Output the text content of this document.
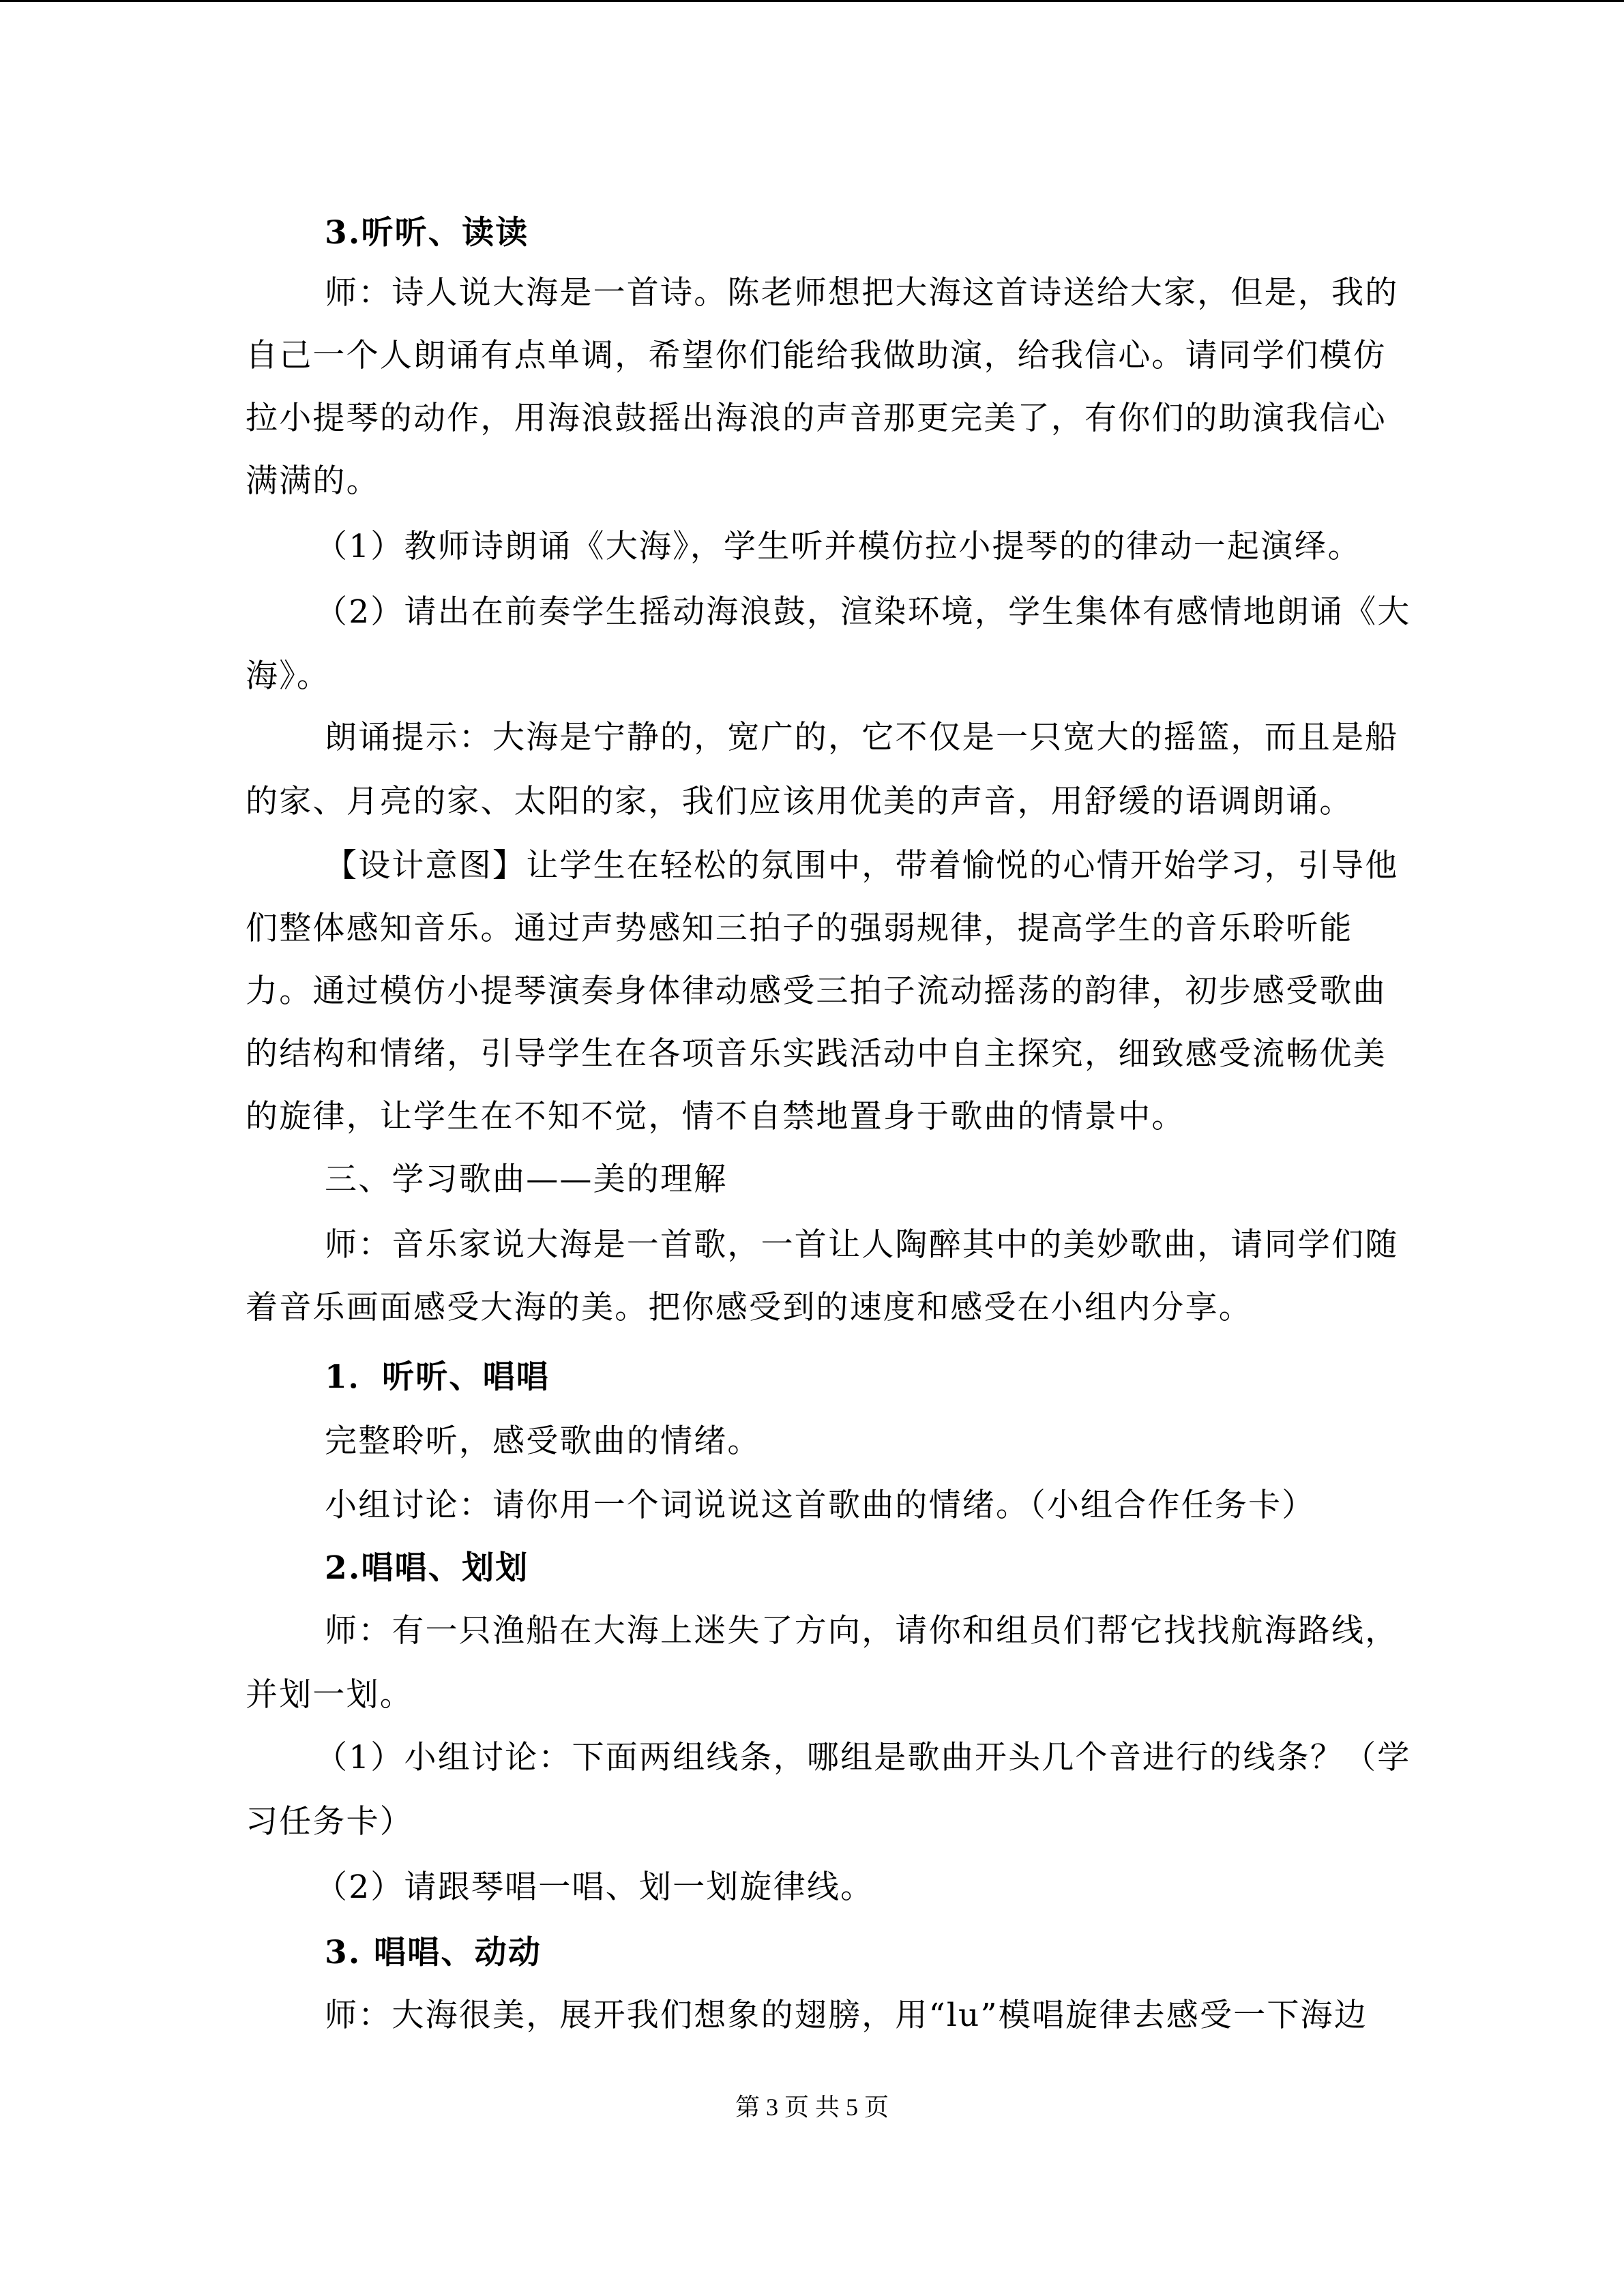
3.听听、读读

师：诗人说大海是一首诗。陈老师想把大海这首诗送给大家，但是，我的

自己一个人朗诵有点单调，希望你们能给我做助演，给我信心。请同学们模仿

拉小提琴的动作，用海浪鼓摇出海浪的声音那更完美了，有你们的助演我信心

满满的。

（1）教师诗朗诵《大海》，学生听并模仿拉小提琴的的律动一起演绎。

（2）请出在前奏学生摇动海浪鼓，渲染环境，学生集体有感情地朗诵《大

海》。

朗诵提示：大海是宁静的，宽广的，它不仅是一只宽大的摇篮，而且是船

的家、月亮的家、太阳的家，我们应该用优美的声音，用舒缓的语调朗诵。

【设计意图】让学生在轻松的氛围中，带着愉悦的心情开始学习，引导他

们整体感知音乐。通过声势感知三拍子的强弱规律，提高学生的音乐聆听能

力。通过模仿小提琴演奏身体律动感受三拍子流动摇荡的韵律，初步感受歌曲

的结构和情绪，引导学生在各项音乐实践活动中自主探究，细致感受流畅优美

的旋律，让学生在不知不觉，情不自禁地置身于歌曲的情景中。

三、学习歌曲——美的理解

师：音乐家说大海是一首歌，一首让人陶醉其中的美妙歌曲，请同学们随

着音乐画面感受大海的美。把你感受到的速度和感受在小组内分享。

1．听听、唱唱

完整聆听，感受歌曲的情绪。

小组讨论：请你用一个词说说这首歌曲的情绪。（小组合作任务卡）

2.唱唱、划划

师：有一只渔船在大海上迷失了方向，请你和组员们帮它找找航海路线，

并划一划。

（1）小组讨论：下面两组线条，哪组是歌曲开头几个音进行的线条？（学

习任务卡）

（2）请跟琴唱一唱、划一划旋律线。

3. 唱唱、动动

师：大海很美，展开我们想象的翅膀，用“lu”模唱旋律去感受一下海边

第 3 页 共 5 页
